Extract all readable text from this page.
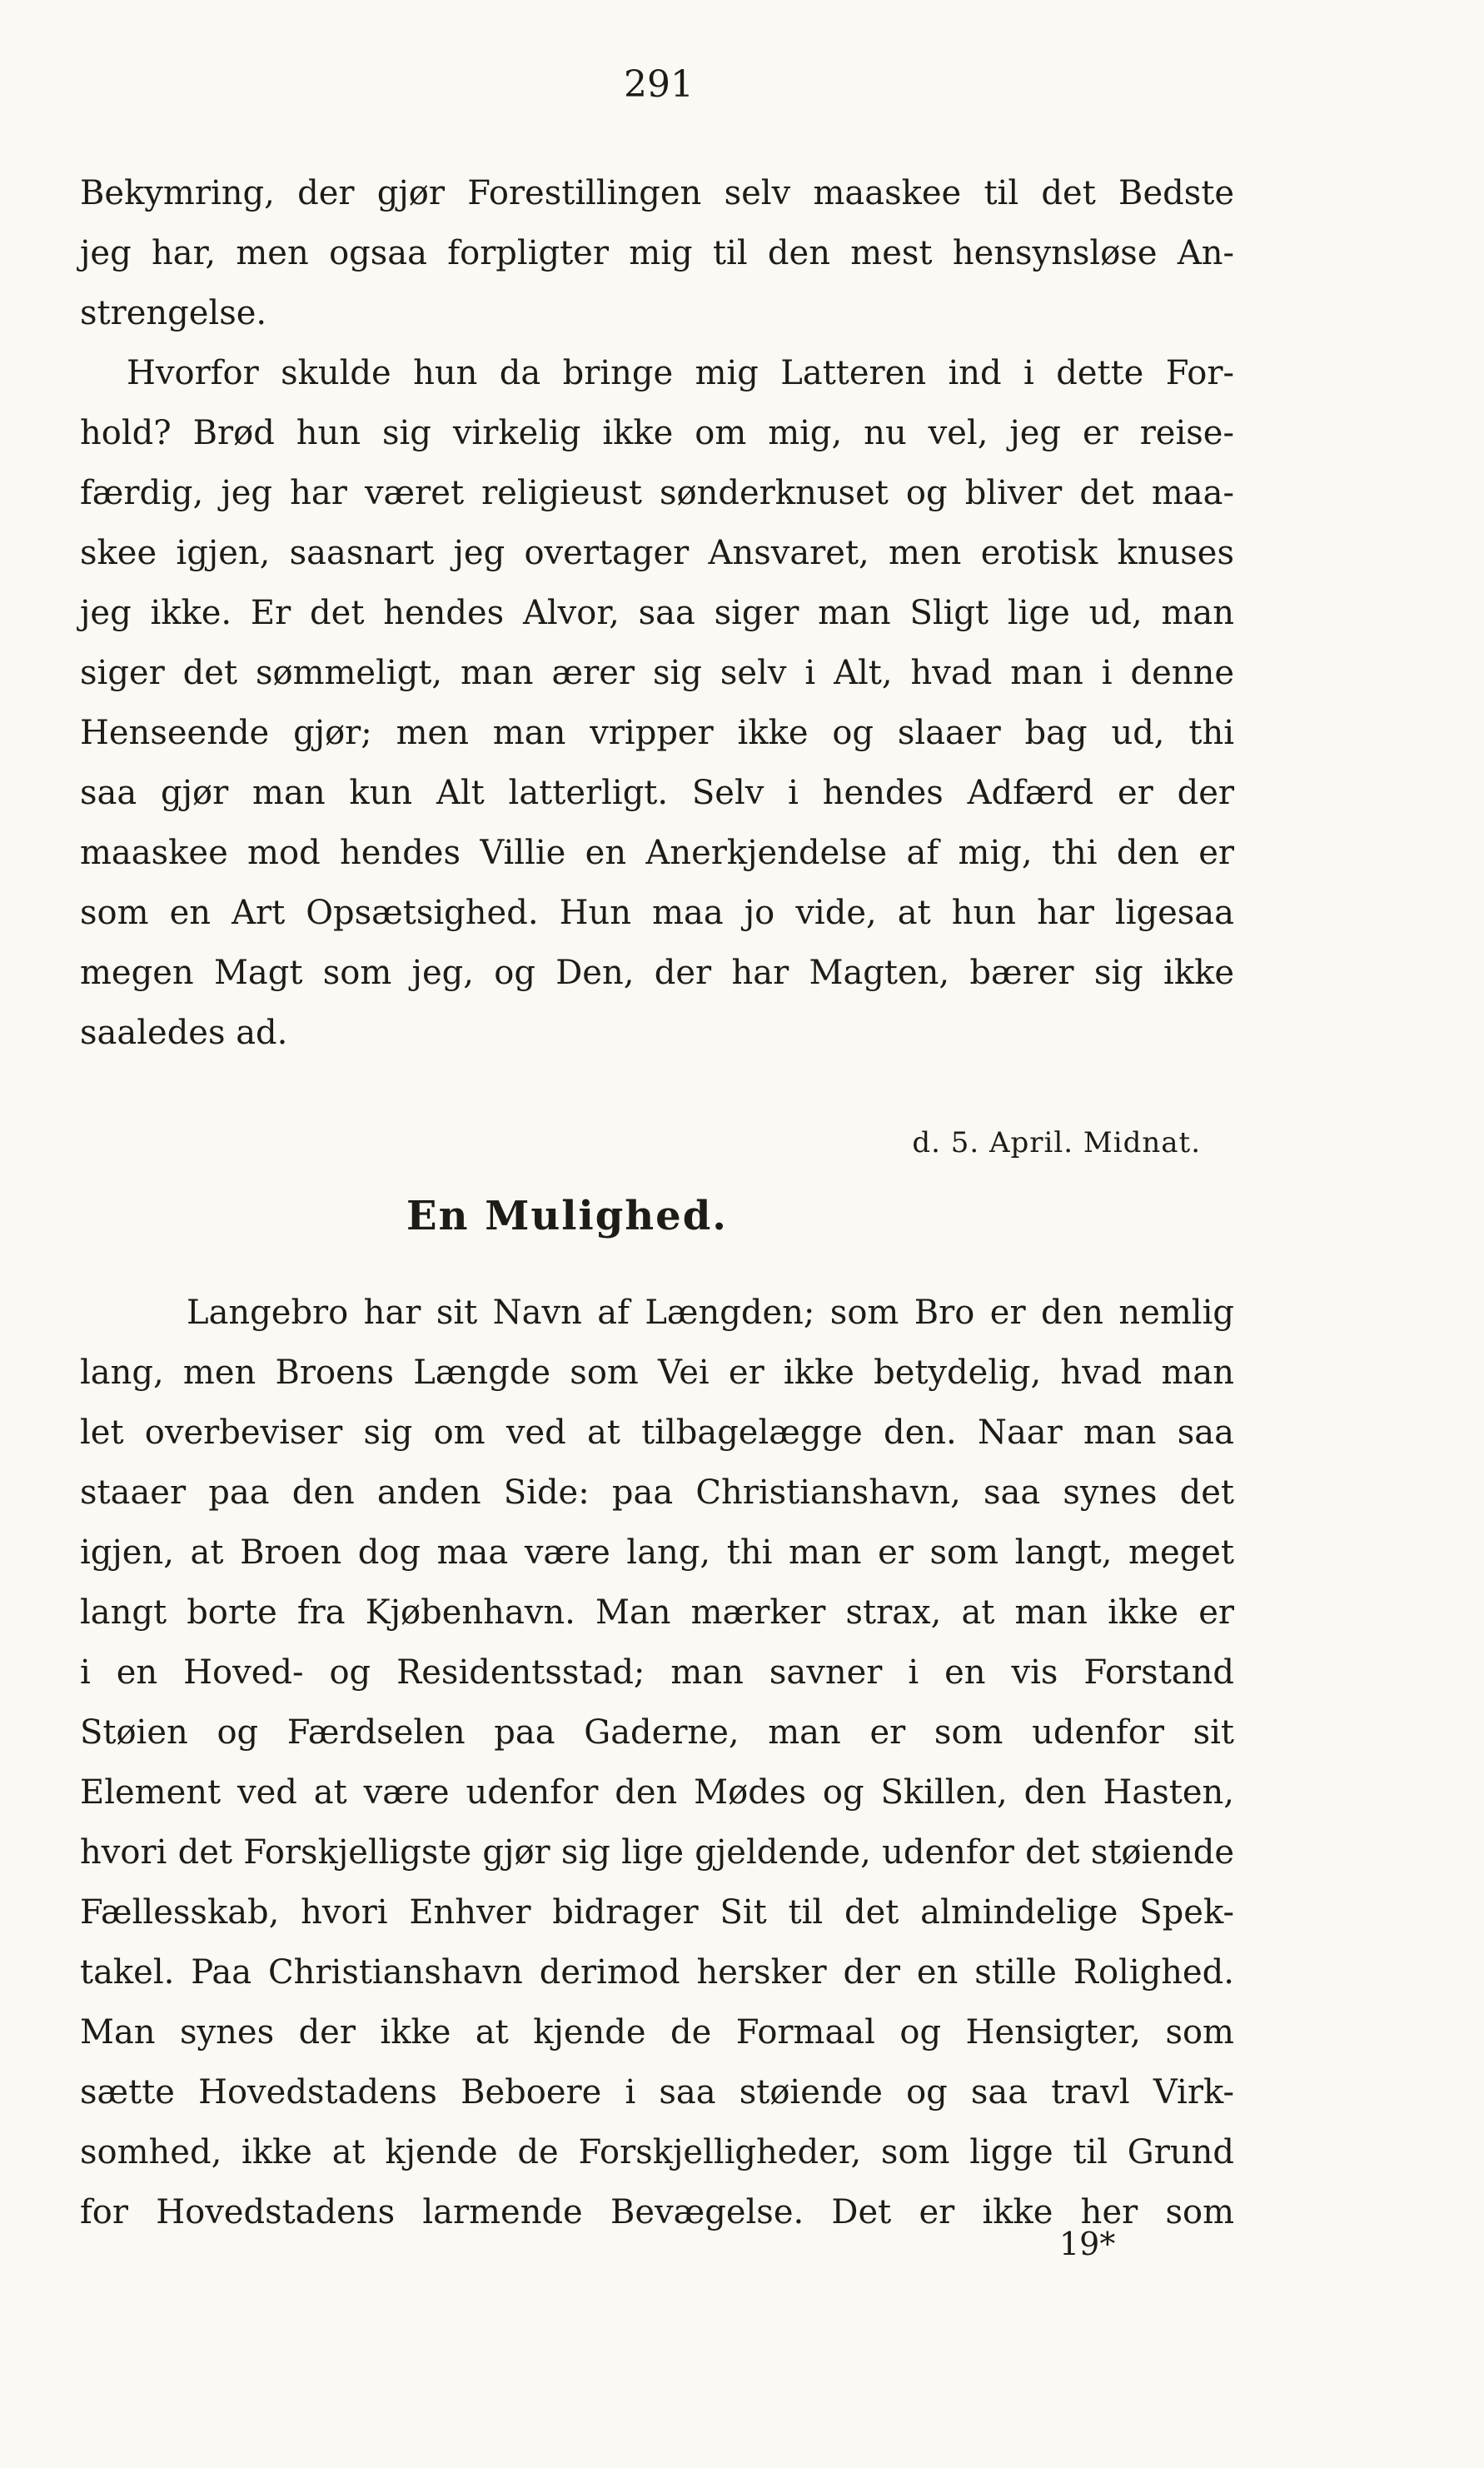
291
Bekymring, der gjør Forestillingen selv maaskee til det Bedste
jeg har, men ogsaa forpligter mig til den mest hensynsløse An-
strengelse.
Hvorfor skulde hun da bringe mig Latteren ind i dette For-
hold? Brød hun sig virkelig ikke om mig, nu vel, jeg er reise-
færdig, jeg har været religieust sønderknuset og bliver det maa-
skee igjen, saasnart jeg overtager Ansvaret, men erotisk knuses
jeg ikke. Er det hendes Alvor, saa siger man Sligt lige ud, man
siger det sømmeligt, man ærer sig selv i Alt, hvad man i denne
Henseende gjør; men man vripper ikke og slaaer bag ud, thi
saa gjør man kun Alt latterligt. Selv i hendes Adfærd er der
maaskee mod hendes Villie en Anerkjendelse af mig, thi den er
som en Art Opsætsighed. Hun maa jo vide, at hun har ligesaa
megen Magt som jeg, og Den, der har Magten, bærer sig ikke
saaledes ad.
d. 5. April. Midnat.
En Mulighed.
Langebro har sit Navn af Længden; som Bro er den nemlig
lang, men Broens Længde som Vei er ikke betydelig, hvad man
let overbeviser sig om ved at tilbagelægge den. Naar man saa
staaer paa den anden Side: paa Christianshavn, saa synes det
igjen, at Broen dog maa være lang, thi man er som langt, meget
langt borte fra Kjøbenhavn. Man mærker strax, at man ikke er
i en Hoved- og Residentsstad; man savner i en vis Forstand
Støien og Færdselen paa Gaderne, man er som udenfor sit
Element ved at være udenfor den Mødes og Skillen, den Hasten,
hvori det Forskjelligste gjør sig lige gjeldende, udenfor det støiende
Fællesskab, hvori Enhver bidrager Sit til det almindelige Spek-
takel. Paa Christianshavn derimod hersker der en stille Rolighed.
Man synes der ikke at kjende de Formaal og Hensigter, som
sætte Hovedstadens Beboere i saa støiende og saa travl Virk-
somhed, ikke at kjende de Forskjelligheder, som ligge til Grund
for Hovedstadens larmende Bevægelse. Det er ikke her som
19*
